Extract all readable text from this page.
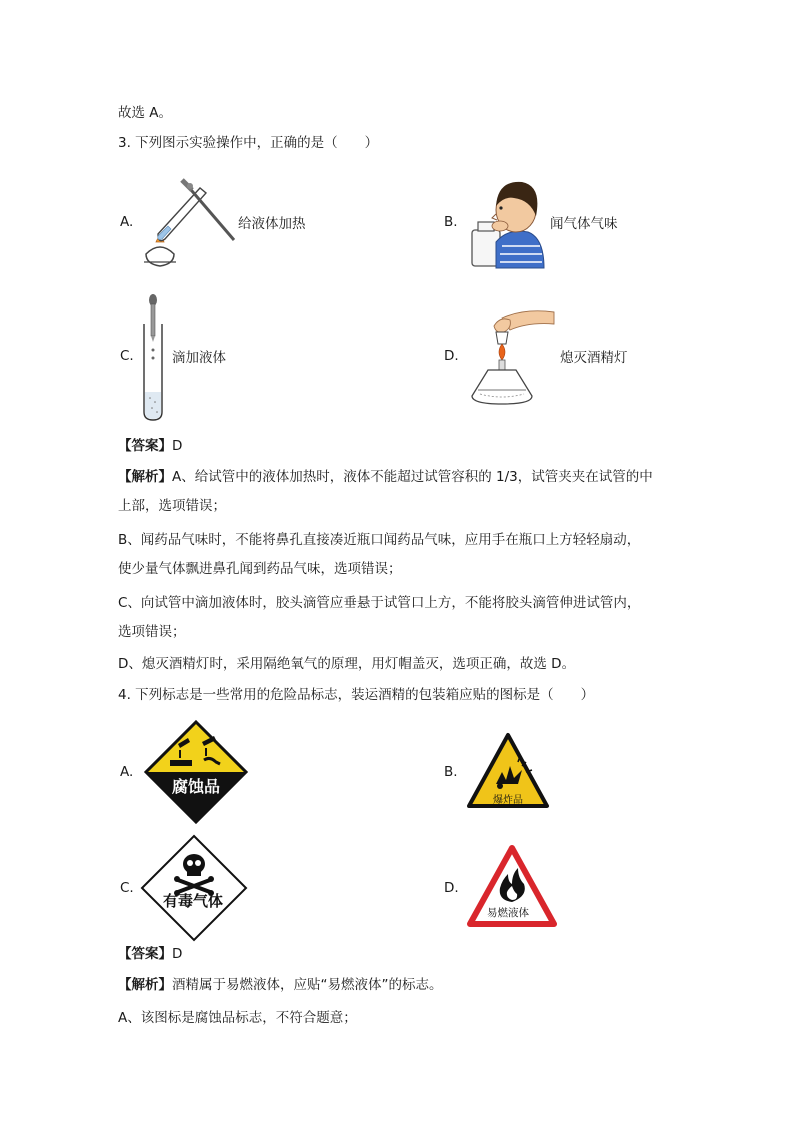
故选 A。
3. 下列图示实验操作中，正确的是（　　）
A.	给液体加热	B.	闻气体气味
C.	滴加液体	D.	熄灭酒精灯
【答案】D
【解析】A、给试管中的液体加热时，液体不能超过试管容积的 1/3，试管夹夹在试管的中
上部，选项错误；
B、闻药品气味时，不能将鼻孔直接凑近瓶口闻药品气味，应用手在瓶口上方轻轻扇动，
使少量气体飘进鼻孔闻到药品气味，选项错误；
C、向试管中滴加液体时，胶头滴管应垂悬于试管口上方，不能将胶头滴管伸进试管内，
选项错误；
D、熄灭酒精灯时，采用隔绝氧气的原理，用灯帽盖灭，选项正确，故选 D。
4. 下列标志是一些常用的危险品标志，装运酒精的包装箱应贴的图标是（　　）
A.
腐蚀品
B.
爆炸品
C.
有毒气体
D.
易燃液体
【答案】D
【解析】酒精属于易燃液体，应贴“易燃液体”的标志。
A、该图标是腐蚀品标志，不符合题意；
